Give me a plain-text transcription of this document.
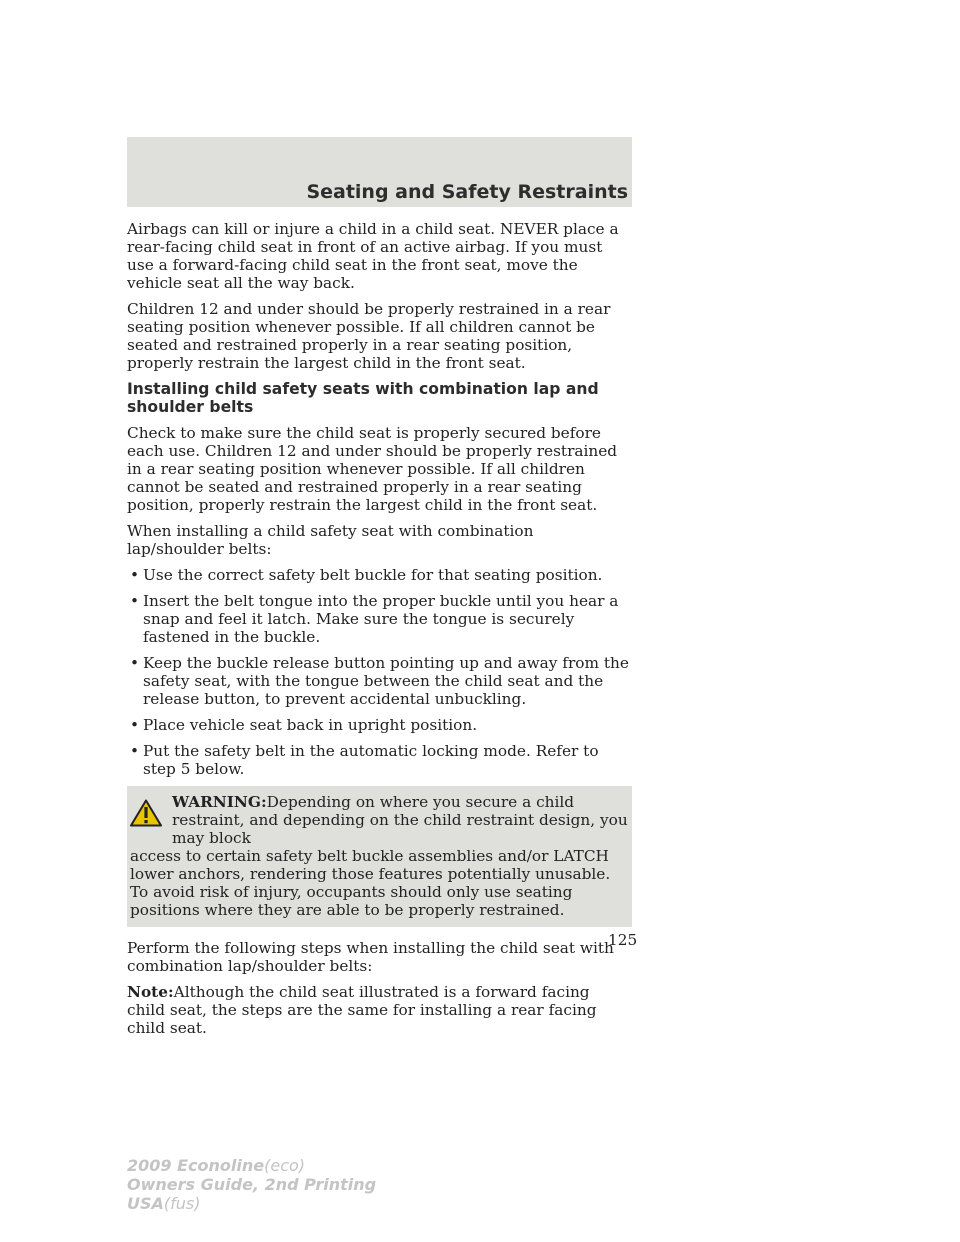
Seating and Safety Restraints

Airbags can kill or injure a child in a child seat. NEVER place a rear-facing child seat in front of an active airbag. If you must use a forward-facing child seat in the front seat, move the vehicle seat all the way back.

Children 12 and under should be properly restrained in a rear seating position whenever possible. If all children cannot be seated and restrained properly in a rear seating position, properly restrain the largest child in the front seat.

Installing child safety seats with combination lap and shoulder belts

Check to make sure the child seat is properly secured before each use. Children 12 and under should be properly restrained in a rear seating position whenever possible. If all children cannot be seated and restrained properly in a rear seating position, properly restrain the largest child in the front seat.

When installing a child safety seat with combination lap/shoulder belts:

• Use the correct safety belt buckle for that seating position.
• Insert the belt tongue into the proper buckle until you hear a snap and feel it latch. Make sure the tongue is securely fastened in the buckle.
• Keep the buckle release button pointing up and away from the safety seat, with the tongue between the child seat and the release button, to prevent accidental unbuckling.
• Place vehicle seat back in upright position.
• Put the safety belt in the automatic locking mode. Refer to step 5 below.
WARNING:Depending on where you secure a child restraint, and depending on the child restraint design, you may block
access to certain safety belt buckle assemblies and/or LATCH lower anchors, rendering those features potentially unusable. To avoid risk of injury, occupants should only use seating positions where they are able to be properly restrained.

Perform the following steps when installing the child seat with combination lap/shoulder belts:

Note:Although the child seat illustrated is a forward facing child seat, the steps are the same for installing a rear facing child seat.

125
2009 Econoline(eco)
Owners Guide, 2nd Printing
USA(fus)
